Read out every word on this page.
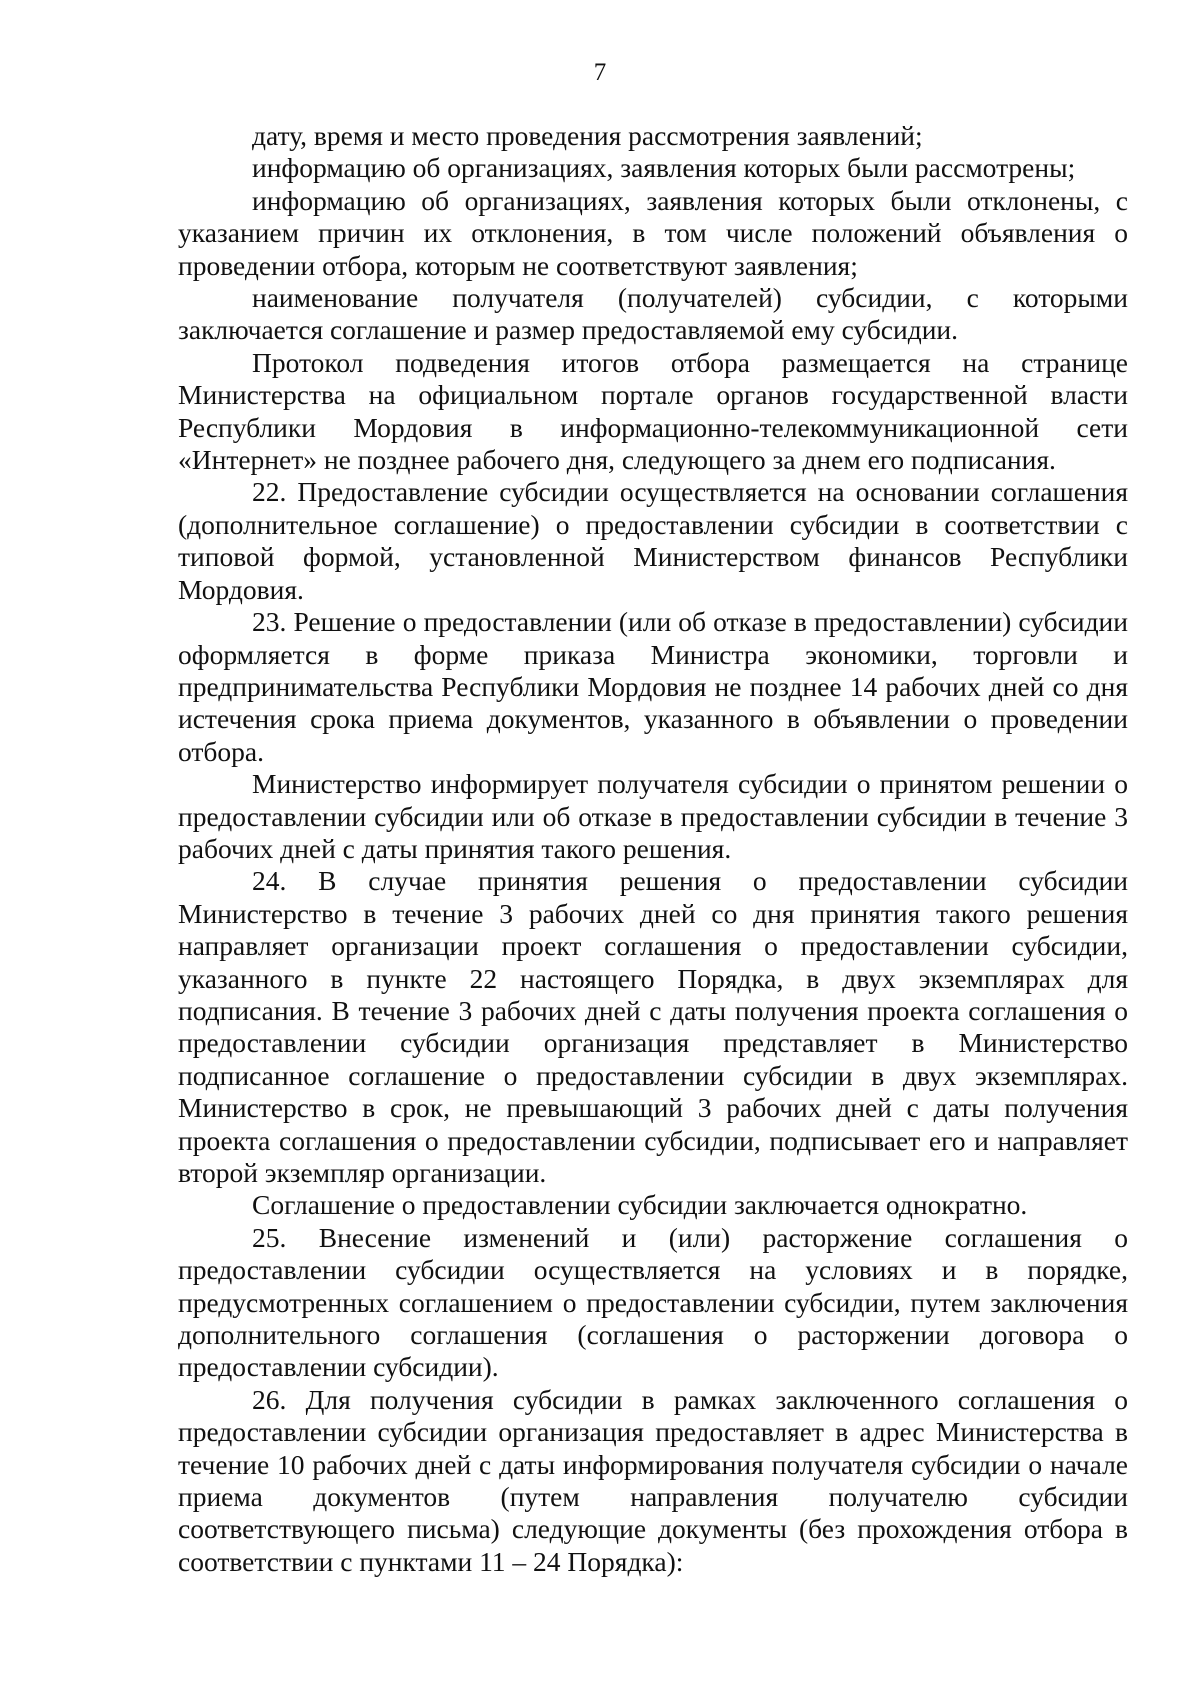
7

дату, время и место проведения рассмотрения заявлений;

информацию об организациях, заявления которых были рассмотрены;

информацию об организациях, заявления которых были отклонены, с указанием причин их отклонения, в том числе положений объявления о проведении отбора, которым не соответствуют заявления;

наименование получателя (получателей) субсидии, с которыми заключается соглашение и размер предоставляемой ему субсидии.

Протокол подведения итогов отбора размещается на странице Министерства на официальном портале органов государственной власти Республики Мордовия в информационно-телекоммуникационной сети «Интернет» не позднее рабочего дня, следующего за днем его подписания.

22. Предоставление субсидии осуществляется на основании соглашения (дополнительное соглашение) о предоставлении субсидии в соответствии с типовой формой, установленной Министерством финансов Республики Мордовия.

23. Решение о предоставлении (или об отказе в предоставлении) субсидии оформляется в форме приказа Министра экономики, торговли и предпринимательства Республики Мордовия не позднее 14 рабочих дней со дня истечения срока приема документов, указанного в объявлении о проведении отбора.

Министерство информирует получателя субсидии о принятом решении о предоставлении субсидии или об отказе в предоставлении субсидии в течение 3 рабочих дней с даты принятия такого решения.

24. В случае принятия решения о предоставлении субсидии Министерство в течение 3 рабочих дней со дня принятия такого решения направляет организации проект соглашения о предоставлении субсидии, указанного в пункте 22 настоящего Порядка, в двух экземплярах для подписания. В течение 3 рабочих дней с даты получения проекта соглашения о предоставлении субсидии организация представляет в Министерство подписанное соглашение о предоставлении субсидии в двух экземплярах. Министерство в срок, не превышающий 3 рабочих дней с даты получения проекта соглашения о предоставлении субсидии, подписывает его и направляет второй экземпляр организации.

Соглашение о предоставлении субсидии заключается однократно.

25. Внесение изменений и (или) расторжение соглашения о предоставлении субсидии осуществляется на условиях и в порядке, предусмотренных соглашением о предоставлении субсидии, путем заключения дополнительного соглашения (соглашения о расторжении договора о предоставлении субсидии).

26. Для получения субсидии в рамках заключенного соглашения о предоставлении субсидии организация предоставляет в адрес Министерства в течение 10 рабочих дней с даты информирования получателя субсидии о начале приема документов (путем направления получателю субсидии соответствующего письма) следующие документы (без прохождения отбора в соответствии с пунктами 11 – 24 Порядка):
